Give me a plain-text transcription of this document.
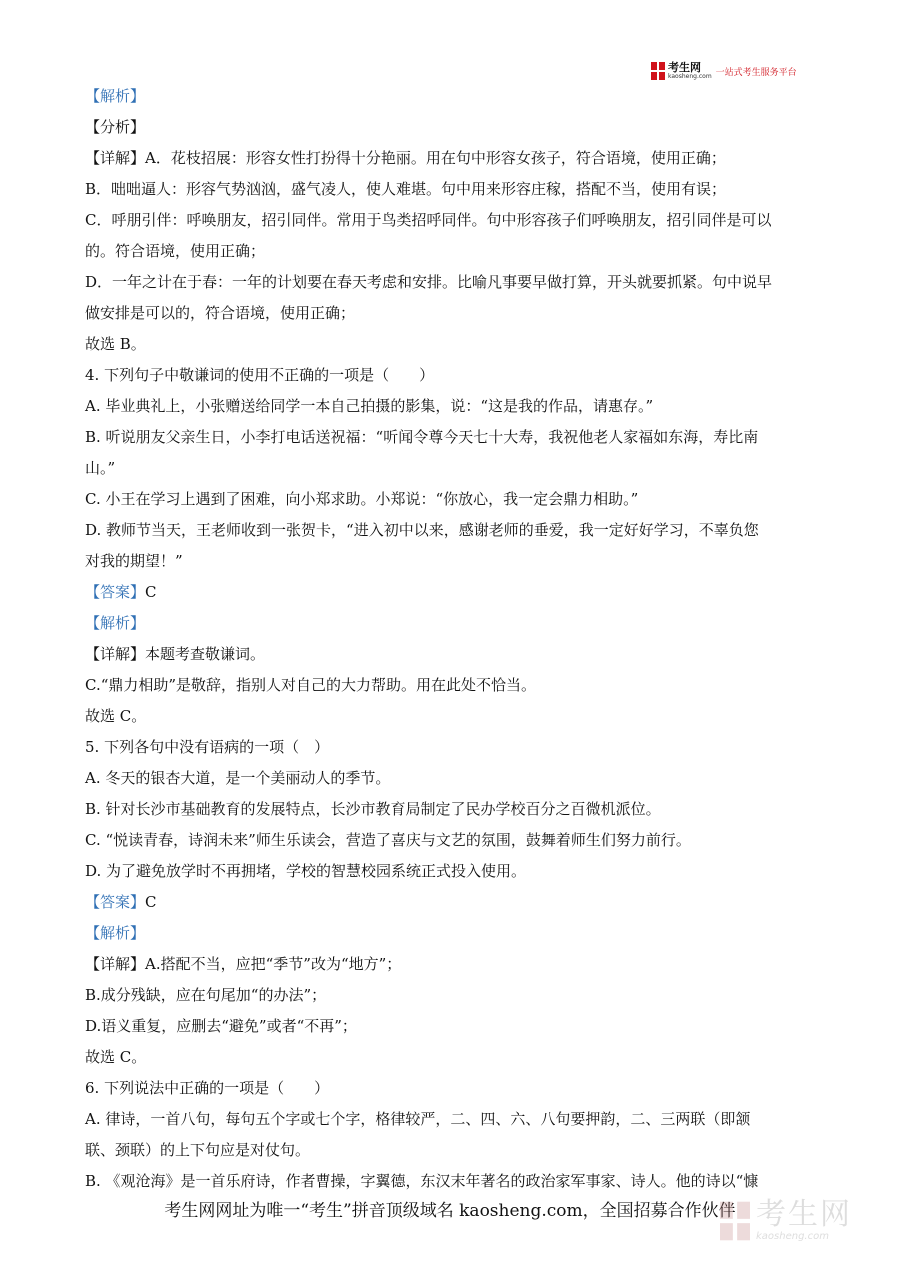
考生网
kaosheng.com 一站式考生服务平台
【解析】
【分析】
【详解】A．花枝招展：形容女性打扮得十分艳丽。用在句中形容女孩子，符合语境，使用正确；
B．咄咄逼人：形容气势汹汹，盛气凌人，使人难堪。句中用来形容庄稼，搭配不当，使用有误；
C．呼朋引伴：呼唤朋友，招引同伴。常用于鸟类招呼同伴。句中形容孩子们呼唤朋友，招引同伴是可以
的。符合语境，使用正确；
D．一年之计在于春：一年的计划要在春天考虑和安排。比喻凡事要早做打算，开头就要抓紧。句中说早
做安排是可以的，符合语境，使用正确；
故选 B。
4. 下列句子中敬谦词的使用不正确的一项是（　　）
A. 毕业典礼上，小张赠送给同学一本自己拍摄的影集，说：“这是我的作品，请惠存。”
B. 听说朋友父亲生日，小李打电话送祝福：“听闻令尊今天七十大寿，我祝他老人家福如东海，寿比南
山。”
C. 小王在学习上遇到了困难，向小郑求助。小郑说：“你放心，我一定会鼎力相助。”
D. 教师节当天，王老师收到一张贺卡，“进入初中以来，感谢老师的垂爱，我一定好好学习，不辜负您
对我的期望！”
【答案】C
【解析】
【详解】本题考查敬谦词。
C.“鼎力相助”是敬辞，指别人对自己的大力帮助。用在此处不恰当。
故选 C。
5. 下列各句中没有语病的一项（　）
A. 冬天的银杏大道，是一个美丽动人的季节。
B. 针对长沙市基础教育的发展特点，长沙市教育局制定了民办学校百分之百微机派位。
C. “悦读青春，诗润未来”师生乐读会，营造了喜庆与文艺的氛围，鼓舞着师生们努力前行。
D. 为了避免放学时不再拥堵，学校的智慧校园系统正式投入使用。
【答案】C
【解析】
【详解】A.搭配不当，应把“季节”改为“地方”；
B.成分残缺，应在句尾加“的办法”；
D.语义重复，应删去“避免”或者“不再”；
故选 C。
6. 下列说法中正确的一项是（　　）
A. 律诗，一首八句，每句五个字或七个字，格律较严，二、四、六、八句要押韵，二、三两联（即颔
联、颈联）的上下句应是对仗句。
B. 《观沧海》是一首乐府诗，作者曹操，字翼德，东汉末年著名的政治家军事家、诗人。他的诗以“慷
考生网网址为唯一“考生”拼音顶级域名 kaosheng.com，全国招募合作伙伴 考生网
kaosheng.com
